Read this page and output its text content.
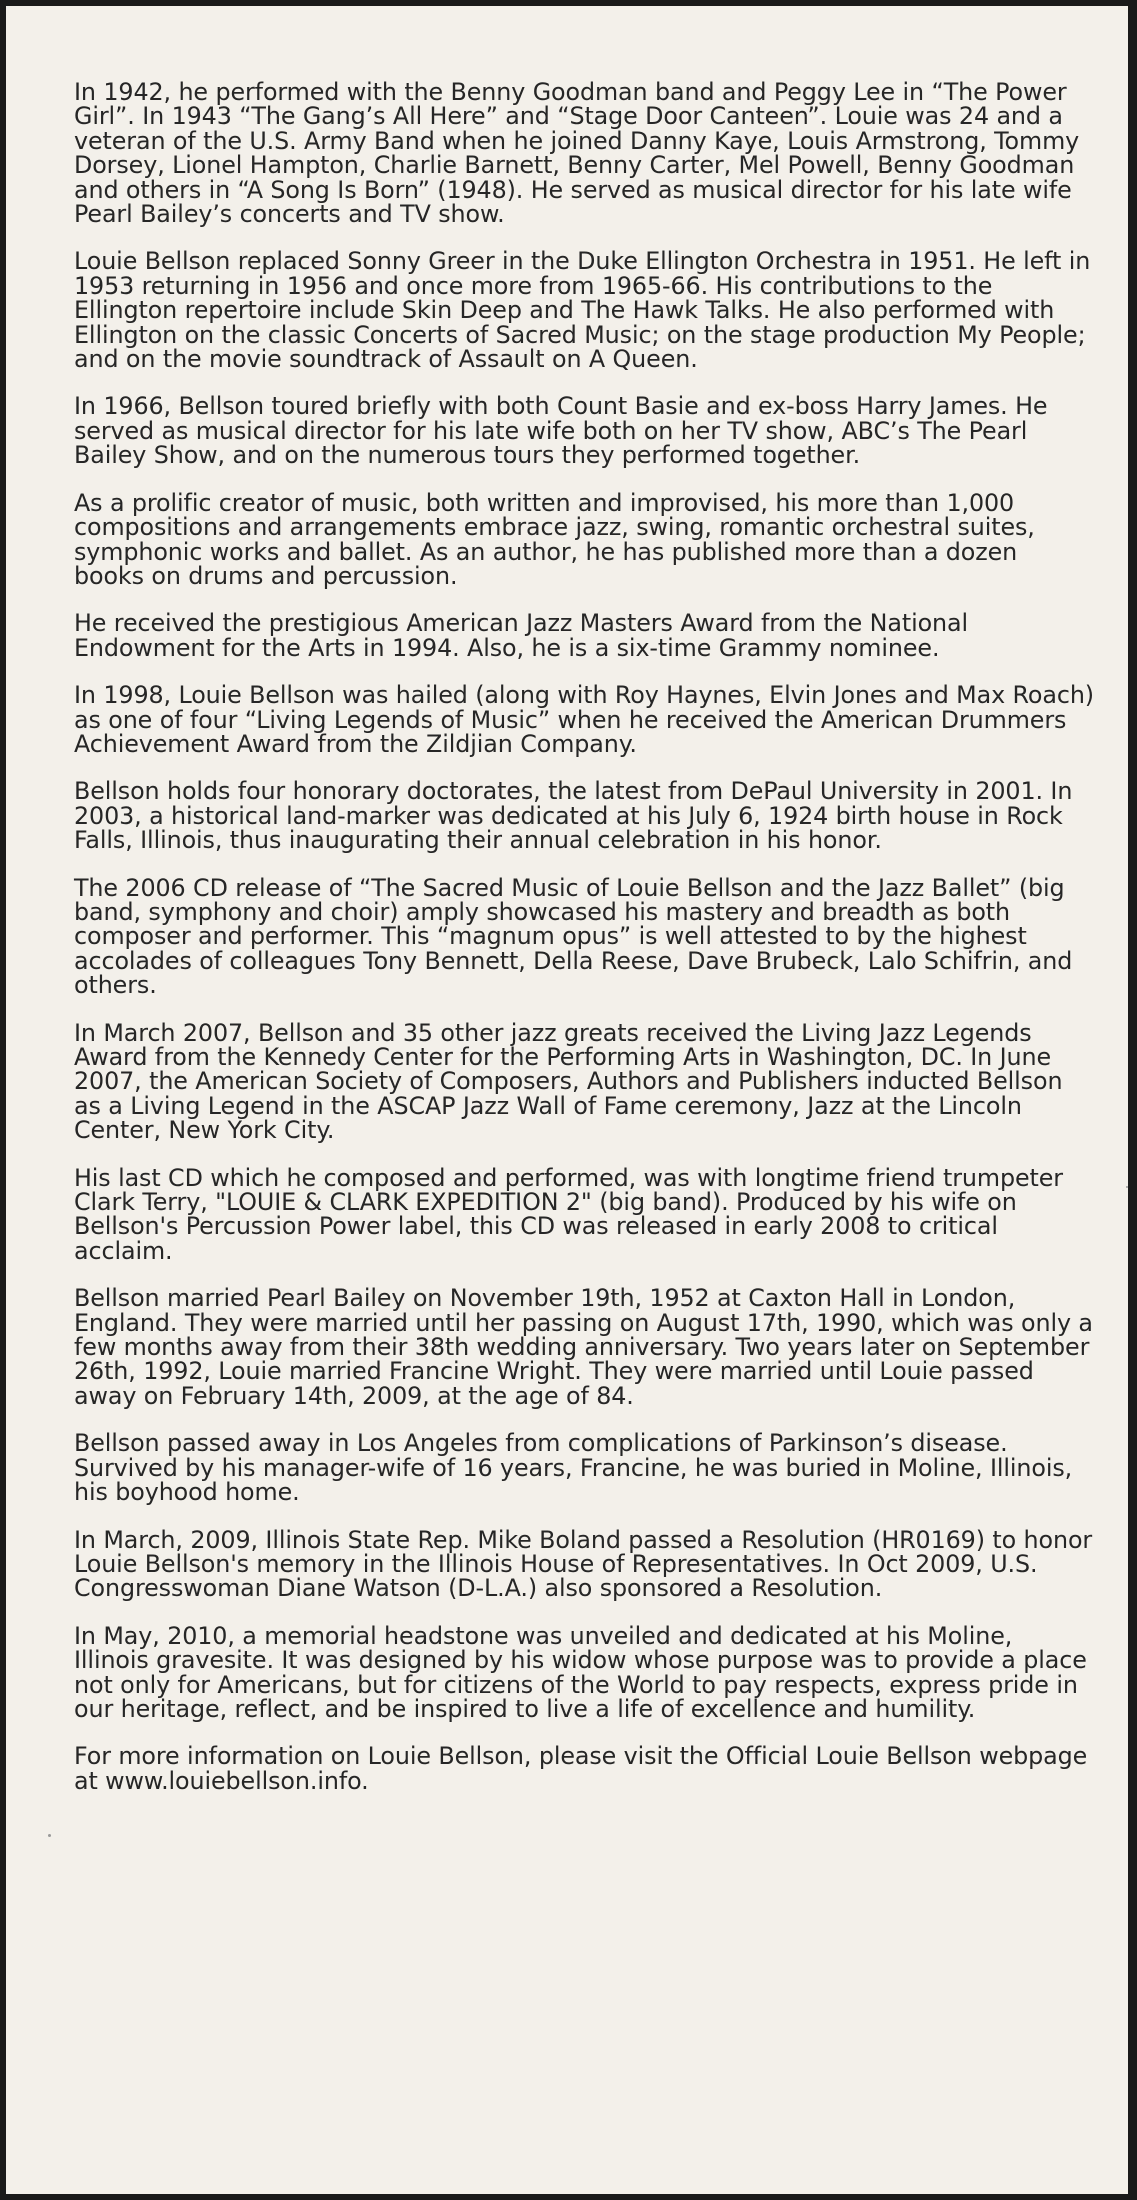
In 1942, he performed with the Benny Goodman band and Peggy Lee in “The Power Girl”. In 1943 “The Gang’s All Here” and “Stage Door Canteen”. Louie was 24 and a veteran of the U.S. Army Band when he joined Danny Kaye, Louis Armstrong, Tommy Dorsey, Lionel Hampton, Charlie Barnett, Benny Carter, Mel Powell, Benny Goodman and others in “A Song Is Born” (1948). He served as musical director for his late wife Pearl Bailey’s concerts and TV show.

Louie Bellson replaced Sonny Greer in the Duke Ellington Orchestra in 1951. He left in 1953 returning in 1956 and once more from 1965-66. His contributions to the Ellington repertoire include Skin Deep and The Hawk Talks. He also performed with Ellington on the classic Concerts of Sacred Music; on the stage production My People; and on the movie soundtrack of Assault on A Queen.

In 1966, Bellson toured briefly with both Count Basie and ex-boss Harry James. He served as musical director for his late wife both on her TV show, ABC’s The Pearl Bailey Show, and on the numerous tours they performed together.

As a prolific creator of music, both written and improvised, his more than 1,000 compositions and arrangements embrace jazz, swing, romantic orchestral suites, symphonic works and ballet. As an author, he has published more than a dozen books on drums and percussion.

He received the prestigious American Jazz Masters Award from the National Endowment for the Arts in 1994. Also, he is a six-time Grammy nominee.

In 1998, Louie Bellson was hailed (along with Roy Haynes, Elvin Jones and Max Roach) as one of four “Living Legends of Music” when he received the American Drummers Achievement Award from the Zildjian Company.

Bellson holds four honorary doctorates, the latest from DePaul University in 2001. In 2003, a historical land-marker was dedicated at his July 6, 1924 birth house in Rock Falls, Illinois, thus inaugurating their annual celebration in his honor.

The 2006 CD release of “The Sacred Music of Louie Bellson and the Jazz Ballet” (big band, symphony and choir) amply showcased his mastery and breadth as both composer and performer. This “magnum opus” is well attested to by the highest accolades of colleagues Tony Bennett, Della Reese, Dave Brubeck, Lalo Schifrin, and others.

In March 2007, Bellson and 35 other jazz greats received the Living Jazz Legends Award from the Kennedy Center for the Performing Arts in Washington, DC. In June 2007, the American Society of Composers, Authors and Publishers inducted Bellson as a Living Legend in the ASCAP Jazz Wall of Fame ceremony, Jazz at the Lincoln Center, New York City.

His last CD which he composed and performed, was with longtime friend trumpeter Clark Terry, "LOUIE & CLARK EXPEDITION 2" (big band). Produced by his wife on Bellson's Percussion Power label, this CD was released in early 2008 to critical acclaim.

Bellson married Pearl Bailey on November 19th, 1952 at Caxton Hall in London, England. They were married until her passing on August 17th, 1990, which was only a few months away from their 38th wedding anniversary. Two years later on September 26th, 1992, Louie married Francine Wright. They were married until Louie passed away on February 14th, 2009, at the age of 84.

Bellson passed away in Los Angeles from complications of Parkinson’s disease. Survived by his manager-wife of 16 years, Francine, he was buried in Moline, Illinois, his boyhood home.

In March, 2009, Illinois State Rep. Mike Boland passed a Resolution (HR0169) to honor Louie Bellson's memory in the Illinois House of Representatives. In Oct 2009, U.S. Congresswoman Diane Watson (D-L.A.) also sponsored a Resolution.

In May, 2010, a memorial headstone was unveiled and dedicated at his Moline, Illinois gravesite. It was designed by his widow whose purpose was to provide a place not only for Americans, but for citizens of the World to pay respects, express pride in our heritage, reflect, and be inspired to live a life of excellence and humility.

For more information on Louie Bellson, please visit the Official Louie Bellson webpage at www.louiebellson.info.
